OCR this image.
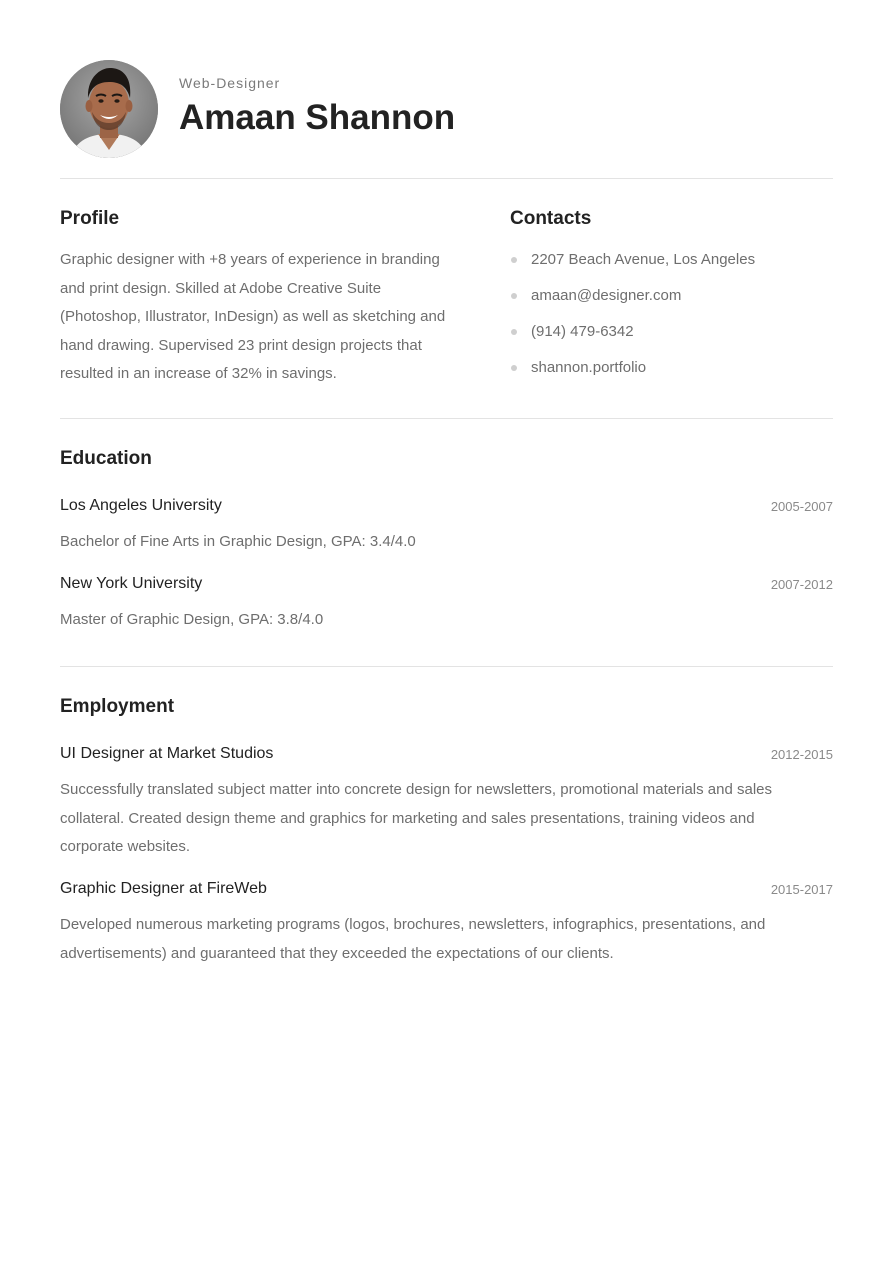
Web-Designer
Amaan Shannon
Profile
Graphic designer with +8 years of experience in branding and print design. Skilled at Adobe Creative Suite (Photoshop, Illustrator, InDesign) as well as sketching and hand drawing. Supervised 23 print design projects that resulted in an increase of 32% in savings.
Contacts
2207 Beach Avenue, Los Angeles
amaan@designer.com
(914) 479-6342
shannon.portfolio
Education
Los Angeles University	2005-2007
Bachelor of Fine Arts in Graphic Design, GPA: 3.4/4.0
New York University	2007-2012
Master of Graphic Design, GPA: 3.8/4.0
Employment
UI Designer at Market Studios	2012-2015
Successfully translated subject matter into concrete design for newsletters, promotional materials and sales collateral. Created design theme and graphics for marketing and sales presentations, training videos and corporate websites.
Graphic Designer at FireWeb	2015-2017
Developed numerous marketing programs (logos, brochures, newsletters, infographics, presentations, and advertisements) and guaranteed that they exceeded the expectations of our clients.
